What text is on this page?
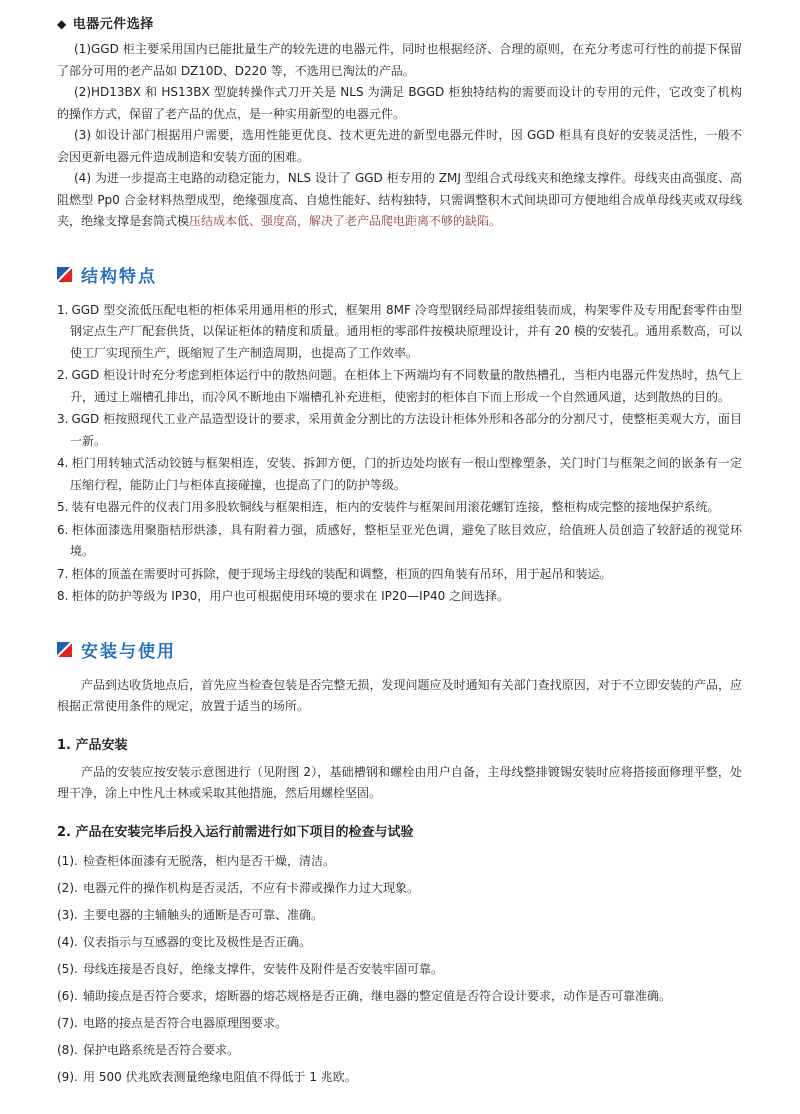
◆ 电器元件选择

(1)GGD 柜主要采用国内已能批量生产的较先进的电器元件，同时也根据经济、合理的原则，在充分考虑可行性的前提下保留了部分可用的老产品如 DZ10D、D220 等，不选用已淘汰的产品。

(2)HD13BX 和 HS13BX 型旋转操作式刀开关是 NLS 为满足 BGGD 柜独特结构的需要而设计的专用的元件，它改变了机构的操作方式，保留了老产品的优点，是一种实用新型的电器元件。

(3) 如设计部门根据用户需要，选用性能更优良、技术更先进的新型电器元件时，因 GGD 柜具有良好的安装灵活性，一般不会因更新电器元件造成制造和安装方面的困难。

(4) 为进一步提高主电路的动稳定能力，NLS 设计了 GGD 柜专用的 ZMJ 型组合式母线夹和绝缘支撑件。母线夹由高强度、高阻燃型 Pp0 合金材料热塑成型，绝缘强度高、自熄性能好、结构独特，只需调整积木式间块即可方便地组合成单母线夹或双母线夹，绝缘支撑是套筒式模压结成本低、强度高，解决了老产品爬电距离不够的缺陷。

结构特点

1. GGD 型交流低压配电柜的柜体采用通用柜的形式，框架用 8MF 冷弯型钢经局部焊接组装而成，构架零件及专用配套零件由型钢定点生产厂配套供货，以保证柜体的精度和质量。通用柜的零部件按模块原理设计，并有 20 模的安装孔。通用系数高，可以使工厂实现预生产，既缩短了生产制造周期，也提高了工作效率。

2. GGD 柜设计时充分考虑到柜体运行中的散热问题。在柜体上下两端均有不同数量的散热槽孔，当柜内电器元件发热时，热气上升，通过上端槽孔排出，而冷风不断地由下端槽孔补充进柜，使密封的柜体自下而上形成一个自然通风道，达到散热的目的。

3. GGD 柜按照现代工业产品造型设计的要求，采用黄金分割比的方法设计柜体外形和各部分的分割尺寸，使整柜美观大方，面目一新。

4. 柜门用转轴式活动铰链与框架相连，安装、拆卸方便，门的折边处均嵌有一根山型橡塑条，关门时门与框架之间的嵌条有一定压缩行程，能防止门与柜体直接碰撞，也提高了门的防护等级。

5. 装有电器元件的仪表门用多股软铜线与框架相连，柜内的安装件与框架间用滚花螺钉连接，整柜构成完整的接地保护系统。

6. 柜体面漆选用聚脂桔形烘漆，具有附着力强，质感好，整柜呈亚光色调，避免了眩目效应，给值班人员创造了较舒适的视觉环境。

7. 柜体的顶盖在需要时可拆除，便于现场主母线的装配和调整，柜顶的四角装有吊环，用于起吊和装运。

8. 柜体的防护等级为 IP30，用户也可根据使用环境的要求在 IP20—IP40 之间选择。

安装与使用

产品到达收货地点后，首先应当检查包装是否完整无损，发现问题应及时通知有关部门查找原因，对于不立即安装的产品，应根据正常使用条件的规定，放置于适当的场所。

1. 产品安装

产品的安装应按安装示意图进行（见附图 2），基础槽钢和螺栓由用户自备，主母线整排镀锡安装时应将搭接面修理平整，处理干净，涂上中性凡士林或采取其他措施，然后用螺栓坚固。

2. 产品在安装完毕后投入运行前需进行如下项目的检查与试验

(1). 检查柜体面漆有无脱落，柜内是否干燥，清洁。

(2). 电器元件的操作机构是否灵活，不应有卡滞或操作力过大现象。

(3). 主要电器的主辅触头的通断是否可靠、准确。

(4). 仪表指示与互感器的变比及极性是否正确。

(5). 母线连接是否良好，绝缘支撑件，安装件及附件是否安装牢固可靠。

(6). 辅助接点是否符合要求，熔断器的熔芯规格是否正确，继电器的整定值是否符合设计要求，动作是否可靠准确。

(7). 电路的接点是否符合电器原理图要求。

(8). 保护电路系统是否符合要求。

(9). 用 500 伏兆欧表测量绝缘电阻值不得低于 1 兆欧。
